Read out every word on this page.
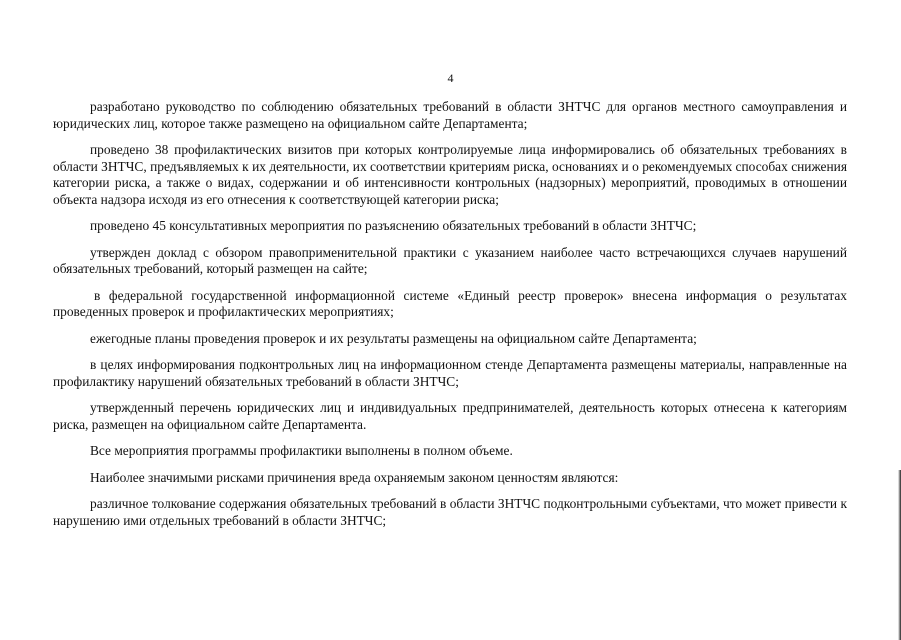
4

разработано руководство по соблюдению обязательных требований в области ЗНТЧС для органов местного самоуправления и юридических лиц, которое также размещено на официальном сайте Департамента;

проведено 38 профилактических визитов при которых контролируемые лица информировались об обязательных требованиях в области ЗНТЧС, предъявляемых к их деятельности, их соответствии критериям риска, основаниях и о рекомендуемых способах снижения категории риска, а также о видах, содержании и об интенсивности контрольных (надзорных) мероприятий, проводимых в отношении объекта надзора исходя из его отнесения к соответствующей категории риска;

проведено 45 консультативных мероприятия по разъяснению обязательных требований в области ЗНТЧС;

утвержден доклад с обзором правоприменительной практики с указанием наиболее часто встречающихся случаев нарушений обязательных требований, который размещен на сайте;

в федеральной государственной информационной системе «Единый реестр проверок» внесена информация о результатах проведенных проверок и профилактических мероприятиях;

ежегодные планы проведения проверок и их результаты размещены на официальном сайте Департамента;

в целях информирования подконтрольных лиц на информационном стенде Департамента размещены материалы, направленные на профилактику нарушений обязательных требований в области ЗНТЧС;

утвержденный перечень юридических лиц и индивидуальных предпринимателей, деятельность которых отнесена к категориям риска, размещен на официальном сайте Департамента.

Все мероприятия программы профилактики выполнены в полном объеме.

Наиболее значимыми рисками причинения вреда охраняемым законом ценностям являются:

различное толкование содержания обязательных требований в области ЗНТЧС подконтрольными субъектами, что может привести к нарушению ими отдельных требований в области ЗНТЧС;
